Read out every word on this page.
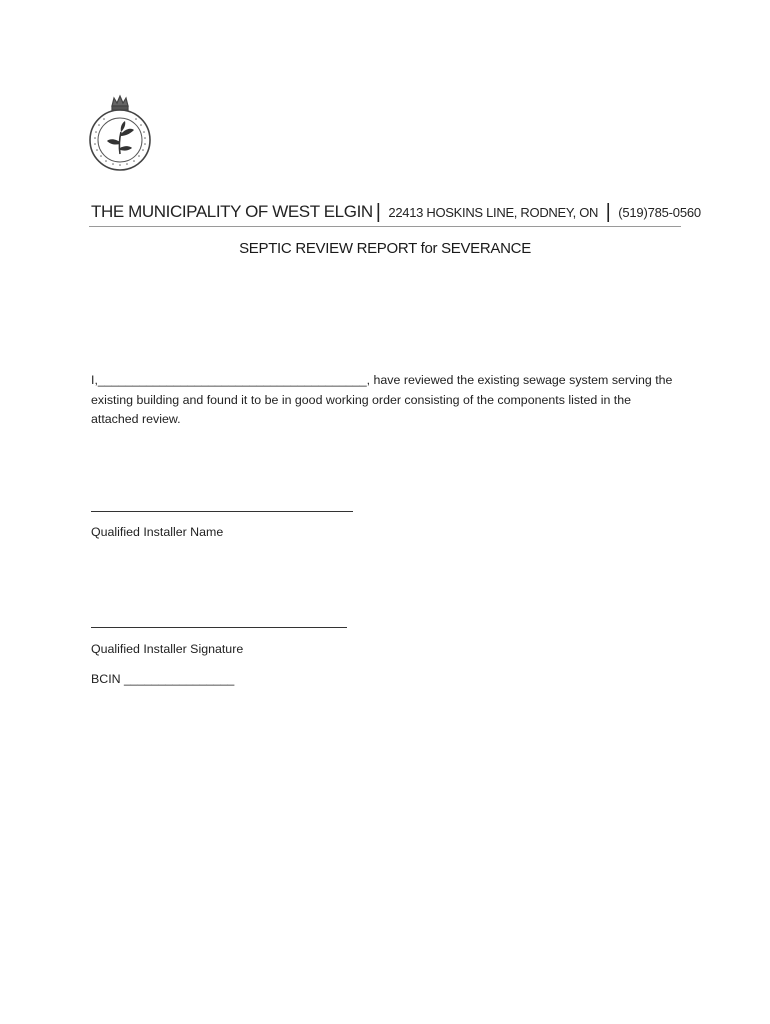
THE MUNICIPALITY OF WEST ELGIN | 22413 HOSKINS LINE, RODNEY, ON | (519)785-0560
SEPTIC REVIEW REPORT for SEVERANCE
I,_______________________________________, have reviewed the existing sewage system serving the existing building and found it to be in good working order consisting of the components listed in the attached review.
Qualified Installer Name
Qualified Installer Signature
BCIN ________________
